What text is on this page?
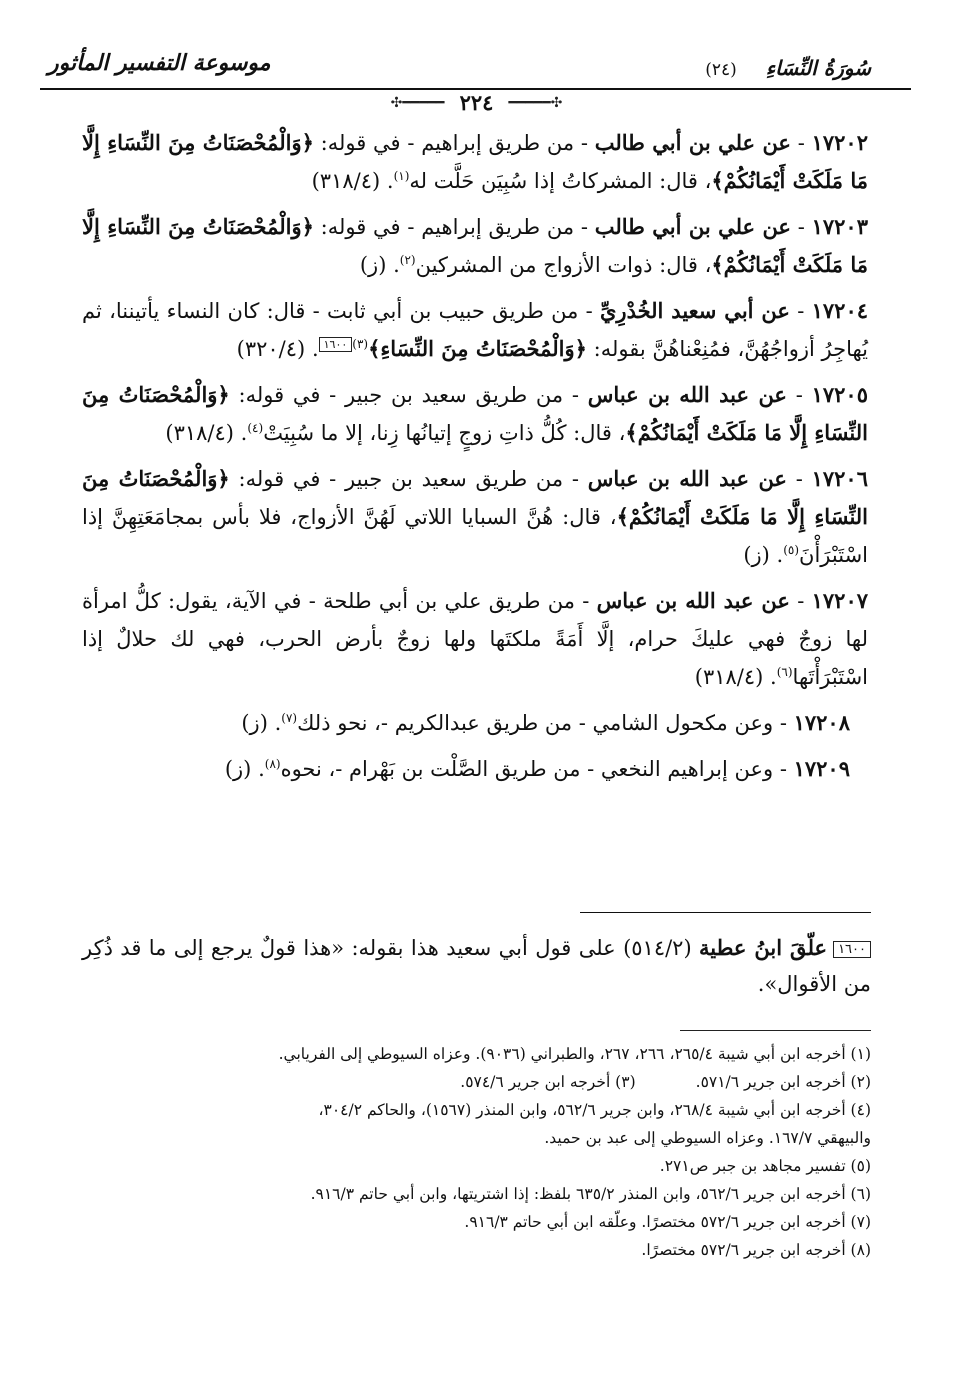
سُورَةُ النِّسَاءِ (٢٤)
موسوعة التفسير المأثور
✣━━━━━ ٢٢٤ ━━━━━✣

١٧٢٠٢ - عن علي بن أبي طالب - من طريق إبراهيم - في قوله: ﴿وَالْمُحْصَنَاتُ مِنَ النِّسَاءِ إِلَّا مَا مَلَكَتْ أَيْمَانُكُمْ﴾، قال: المشركاتُ إذا سُبِيَن حَلَّت له$^{(١)}$. (٣١٨/٤)

١٧٢٠٣ - عن علي بن أبي طالب - من طريق إبراهيم - في قوله: ﴿وَالْمُحْصَنَاتُ مِنَ النِّسَاءِ إِلَّا مَا مَلَكَتْ أَيْمَانُكُمْ﴾، قال: ذوات الأزواج من المشركين$^{(٢)}$. (ز)

١٧٢٠٤ - عن أبي سعيد الخُدْرِيِّ - من طريق حبيب بن أبي ثابت - قال: كان النساء يأتيننا، ثم يُهاجِرُ أزواجُهُنَّ، فمُنِعْناهُنَّ بقوله: ﴿وَالْمُحْصَنَاتُ مِنَ النِّسَاءِ﴾$^{(٣)}$١٦٠٠. (٣٢٠/٤)

١٧٢٠٥ - عن عبد الله بن عباس - من طريق سعيد بن جبير - في قوله: ﴿وَالْمُحْصَنَاتُ مِنَ النِّسَاءِ إِلَّا مَا مَلَكَتْ أَيْمَانُكُمْ﴾، قال: كُلُّ ذاتِ زوجٍ إتيانُها زِنا، إلا ما سُبِيَتْ$^{(٤)}$. (٣١٨/٤)

١٧٢٠٦ - عن عبد الله بن عباس - من طريق سعيد بن جبير - في قوله: ﴿وَالْمُحْصَنَاتُ مِنَ النِّسَاءِ إِلَّا مَا مَلَكَتْ أَيْمَانُكُمْ﴾، قال: هُنَّ السبايا اللاتي لَهُنَّ الأزواج، فلا بأس بمجامَعَتِهِنَّ إذا اسْتَبْرَأْنَ$^{(٥)}$. (ز)

١٧٢٠٧ - عن عبد الله بن عباس - من طريق علي بن أبي طلحة - في الآية، يقول: كلُّ امرأة لها زوجٌ فهي عليكَ حرام، إلَّا أَمَةً ملكتَها ولها زوجٌ بأرض الحرب، فهي لك حلالٌ إذا اسْتَبْرَأْتَها$^{(٦)}$. (٣١٨/٤)

١٧٢٠٨ - وعن مكحول الشامي - من طريق عبدالكريم -، نحو ذلك$^{(٧)}$. (ز)

١٧٢٠٩ - وعن إبراهيم النخعي - من طريق الصَّلْت بن بَهْرام -، نحوه$^{(٨)}$. (ز)

١٦٠٠علّقَ ابنُ عطية (٥١٤/٢) على قول أبي سعيد هذا بقوله: «هذا قولٌ يرجع إلى ما قد ذُكِر من الأقوال».
(١) أخرجه ابن أبي شيبة ٢٦٥/٤، ٢٦٦، ٢٦٧، والطبراني (٩٠٣٦). وعزاه السيوطي إلى الفريابي.
(٢) أخرجه ابن جرير ٥٧١/٦.(٣) أخرجه ابن جرير ٥٧٤/٦.
(٤) أخرجه ابن أبي شيبة ٢٦٨/٤، وابن جرير ٥٦٢/٦، وابن المنذر (١٥٦٧)، والحاكم ٣٠٤/٢،
والبيهقي ١٦٧/٧. وعزاه السيوطي إلى عبد بن حميد.
(٥) تفسير مجاهد بن جبر ص٢٧١.
(٦) أخرجه ابن جرير ٥٦٢/٦، وابن المنذر ٦٣٥/٢ بلفظ: إذا اشتريتها، وابن أبي حاتم ٩١٦/٣.
(٧) أخرجه ابن جرير ٥٧٢/٦ مختصرًا. وعلّقه ابن أبي حاتم ٩١٦/٣.
(٨) أخرجه ابن جرير ٥٧٢/٦ مختصرًا.
